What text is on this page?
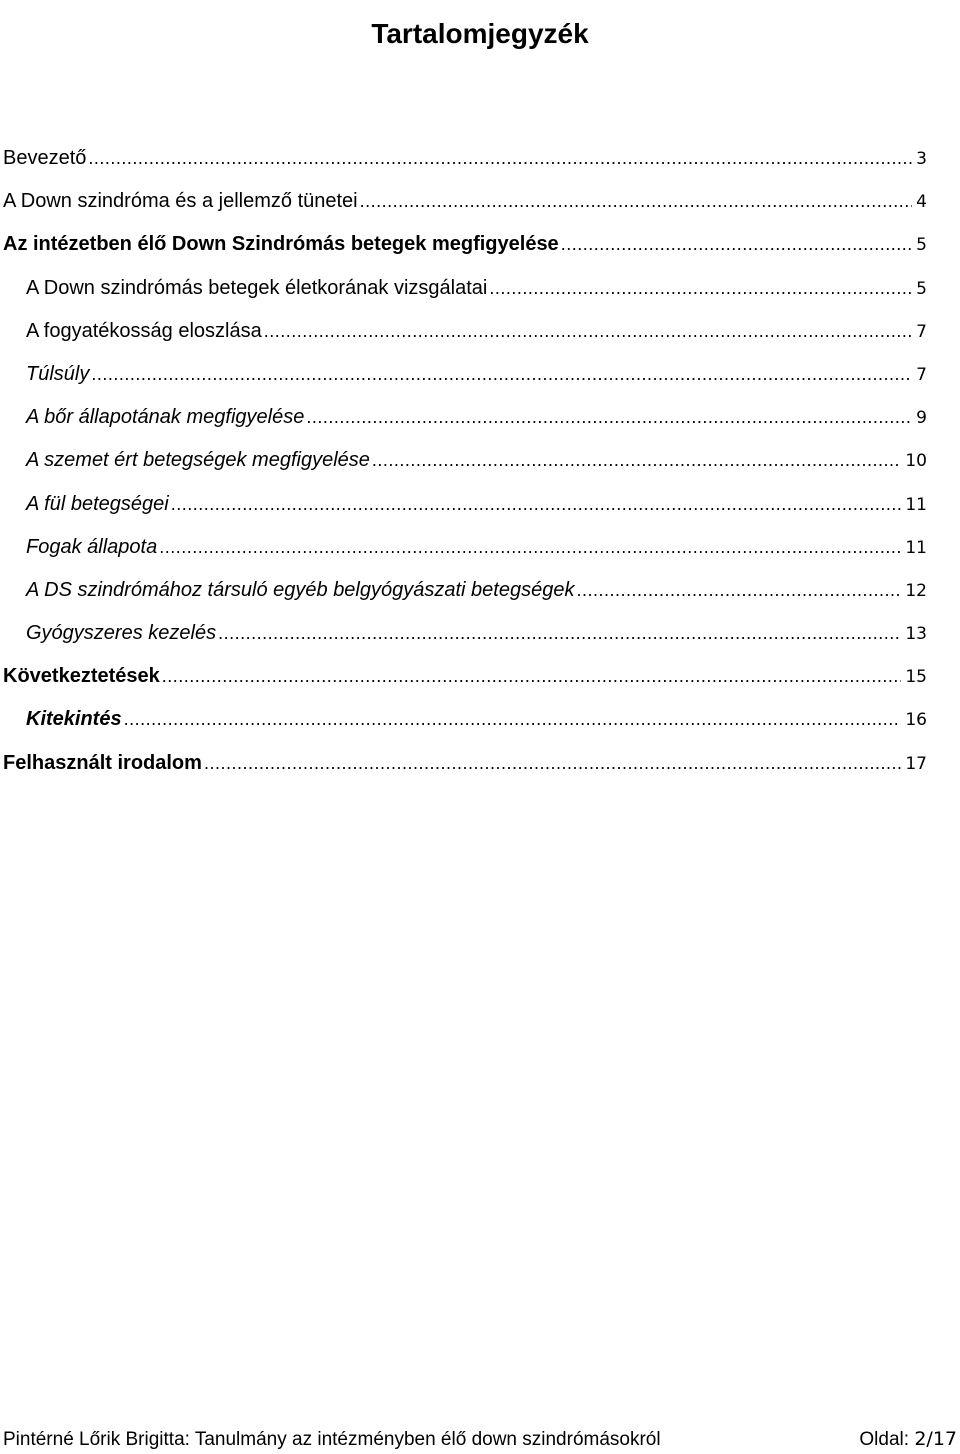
Tartalomjegyzék
Bevezető .....	3
A Down szindróma és a jellemző tünetei .....	4
Az intézetben élő Down Szindrómás betegek megfigyelése .....	5
A Down szindrómás betegek életkorának vizsgálatai .....	5
A fogyatékosság eloszlása .....	7
Túlsúly .....	7
A bőr állapotának megfigyelése .....	9
A szemet ért betegségek megfigyelése .....	10
A fül betegségei .....	11
Fogak állapota .....	11
A DS szindrómához társuló egyéb belgyógyászati betegségek .....	12
Gyógyszeres kezelés .....	13
Következtetések .....	15
Kitekintés .....	16
Felhasznált irodalom .....	17
Pintérné Lőrik Brigitta: Tanulmány az intézményben élő down szindrómásokról	Oldal: 2/17
